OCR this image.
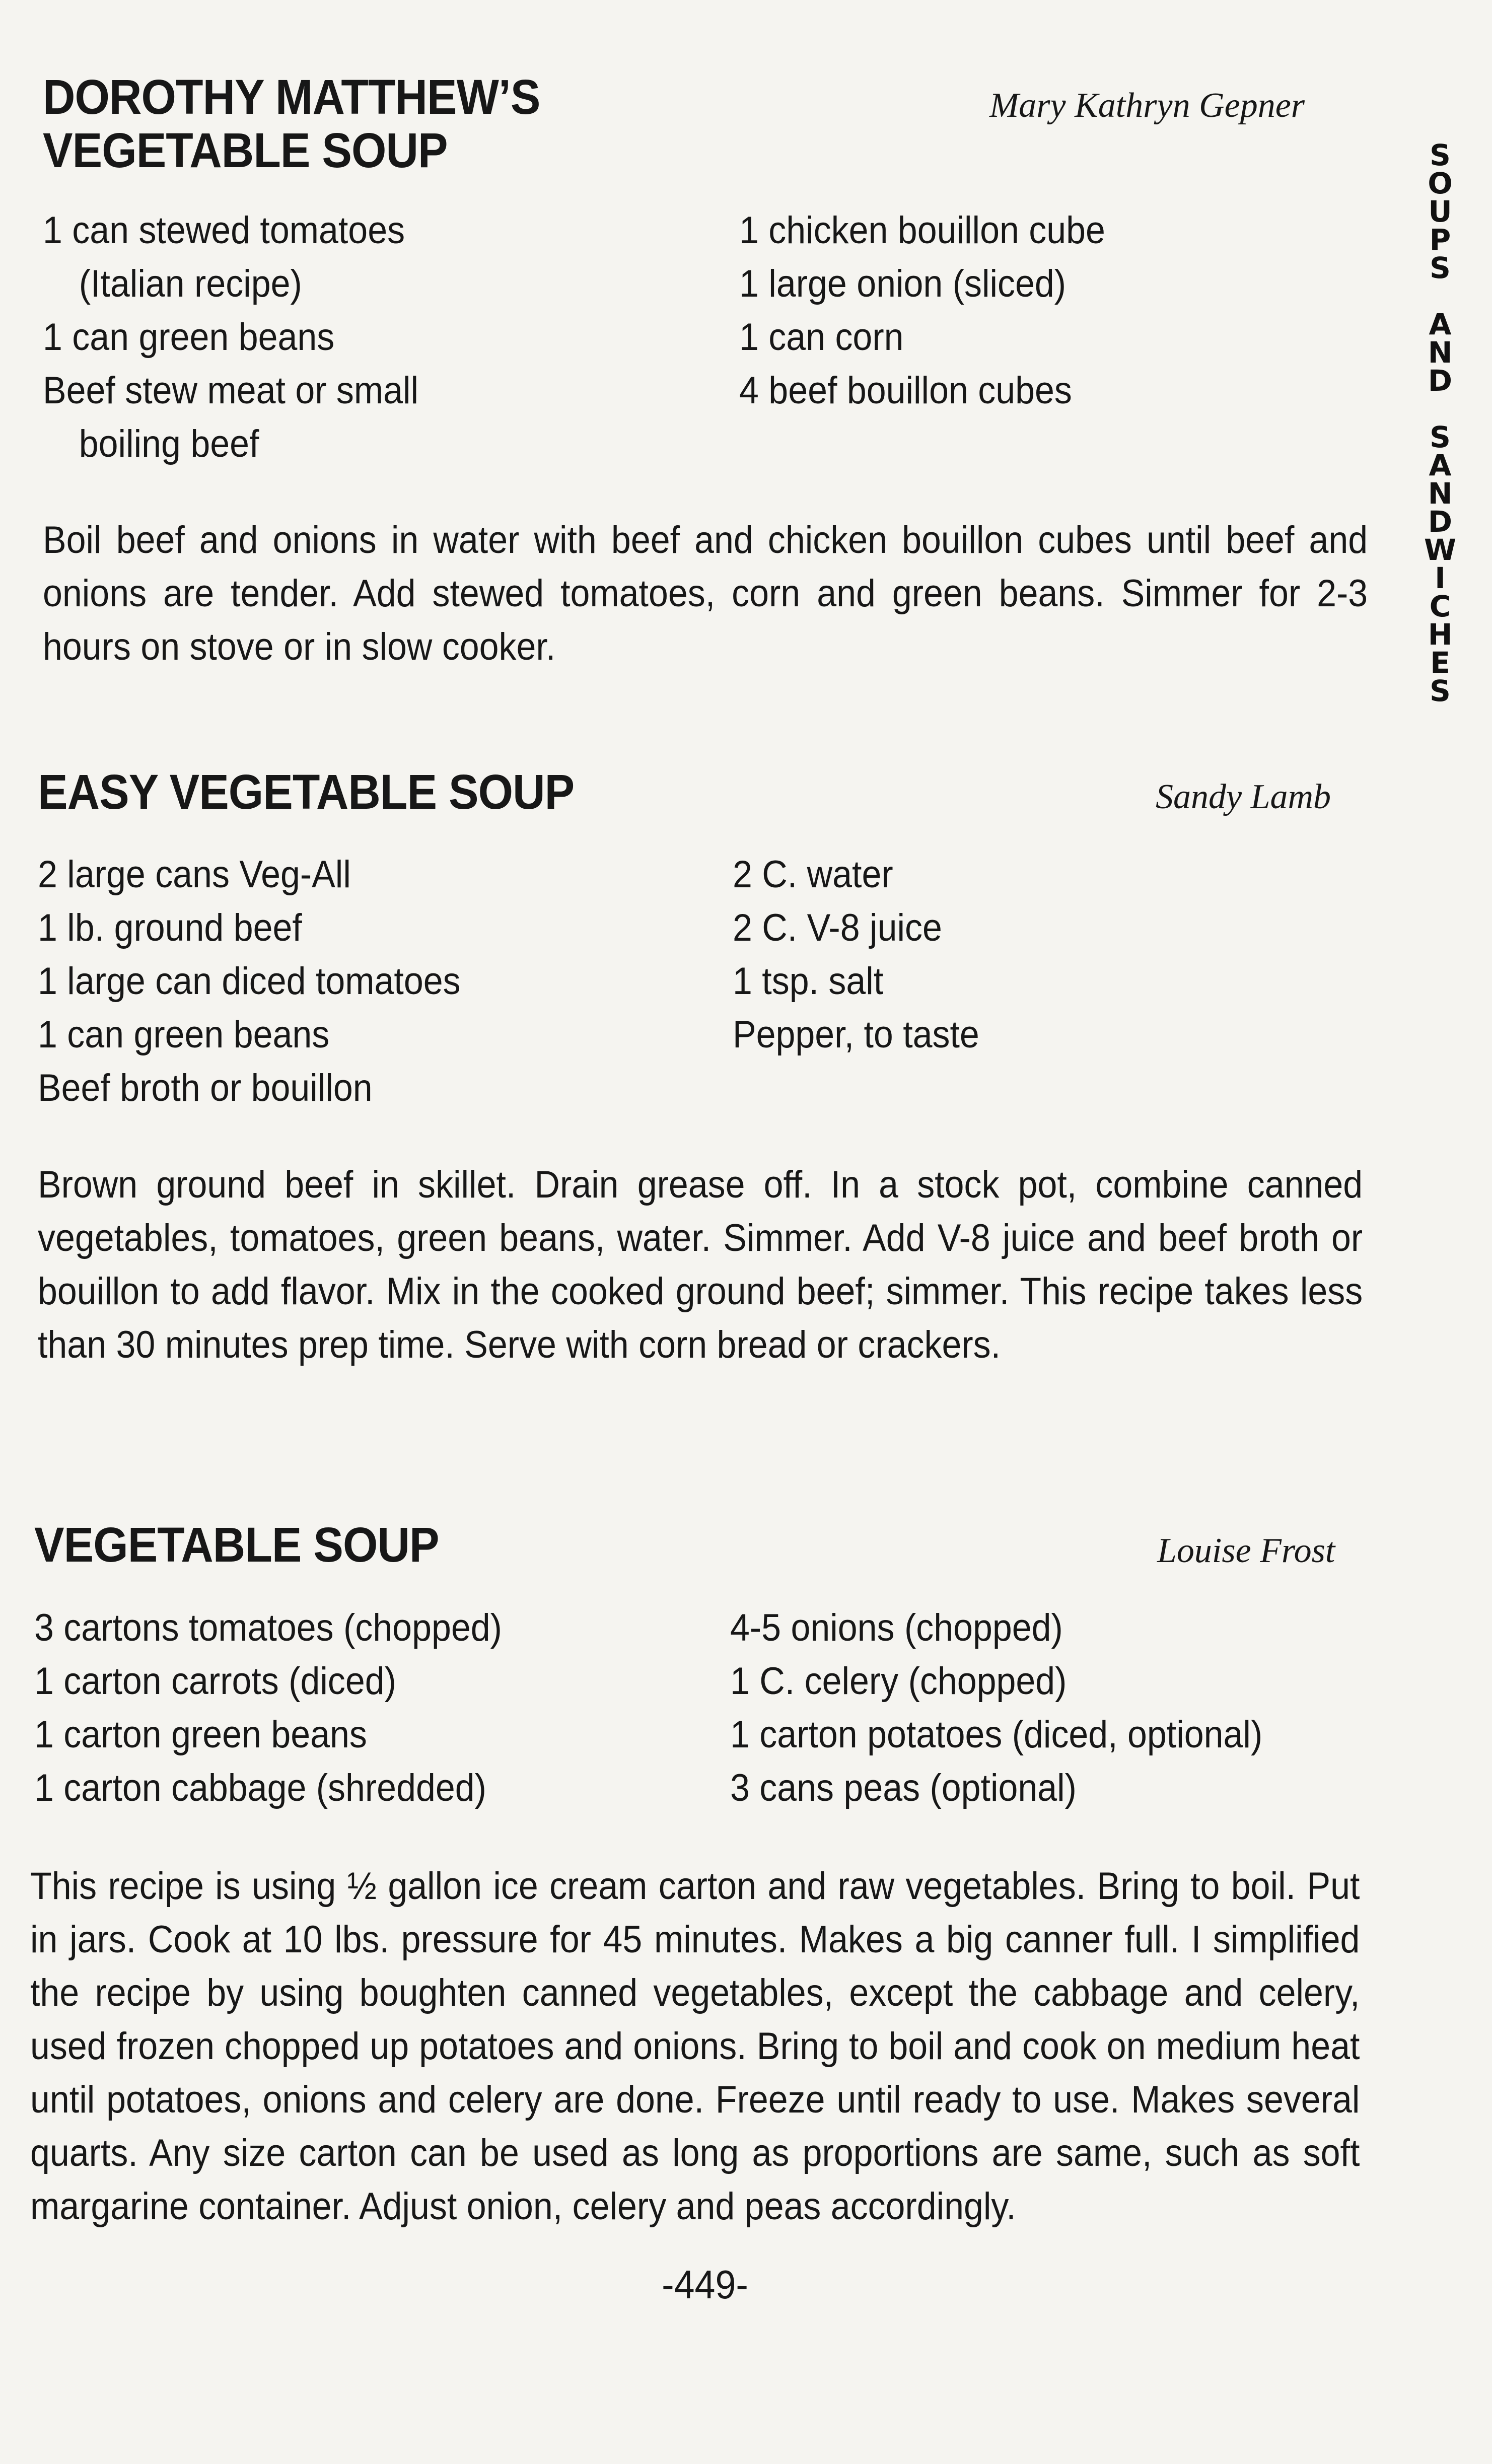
DOROTHY MATTHEW’S
VEGETABLE SOUP
Mary Kathryn Gepner
1 can stewed tomatoes
(Italian recipe)
1 can green beans
Beef stew meat or small
boiling beef
1 chicken bouillon cube
1 large onion (sliced)
1 can corn
4 beef bouillon cubes

Boil beef and onions in water with beef and chicken bouillon cubes until beef and onions are tender. Add stewed tomatoes, corn and green beans. Simmer for 2-3 hours on stove or in slow cooker.

EASY VEGETABLE SOUP	Sandy Lamb
2 large cans Veg-All
1 lb. ground beef
1 large can diced tomatoes
1 can green beans
Beef broth or bouillon
2 C. water
2 C. V-8 juice
1 tsp. salt
Pepper, to taste

Brown ground beef in skillet. Drain grease off. In a stock pot, combine canned vegetables, tomatoes, green beans, water. Simmer. Add V-8 juice and beef broth or bouillon to add flavor. Mix in the cooked ground beef; simmer. This recipe takes less than 30 minutes prep time. Serve with corn bread or crackers.

VEGETABLE SOUP	Louise Frost
3 cartons tomatoes (chopped)
1 carton carrots (diced)
1 carton green beans
1 carton cabbage (shredded)
4-5 onions (chopped)
1 C. celery (chopped)
1 carton potatoes (diced, optional)
3 cans peas (optional)

This recipe is using ½ gallon ice cream carton and raw vegetables. Bring to boil. Put in jars. Cook at 10 lbs. pressure for 45 minutes. Makes a big canner full. I simplified the recipe by using boughten canned vegetables, except the cabbage and celery, used frozen chopped up potatoes and onions. Bring to boil and cook on medium heat until potatoes, onions and celery are done. Freeze until ready to use. Makes several quarts. Any size carton can be used as long as proportions are same, such as soft margarine container. Adjust onion, celery and peas accordingly.

S
O
U
P
S
A
N
D
S
A
N
D
W
I
C
H
E
S
-449-
